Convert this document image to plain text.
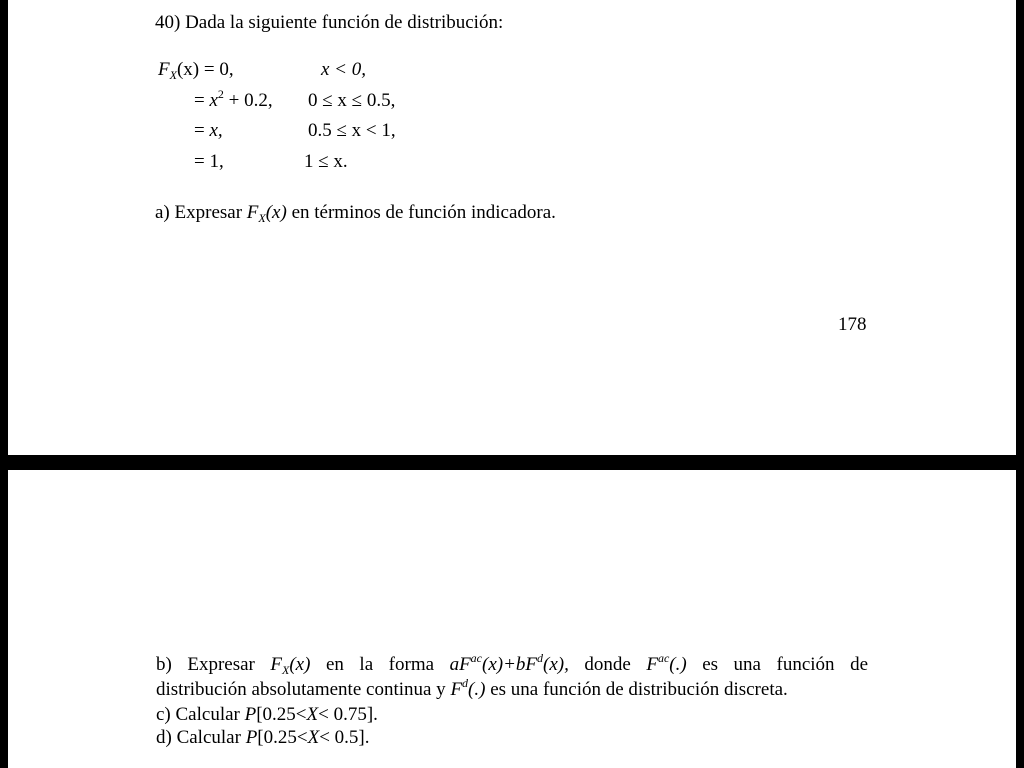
40) Dada la siguiente función de distribución:
$F_X(x) = 0$,	x < 0,
= $x^2 + 0.2$, 0 ≤ x ≤ 0.5,
= x,	0.5 ≤ x < 1,
= 1,	1 ≤ x.
a) Expresar $F_X(x)$ en términos de función indicadora.
178
b) Expresar $F_X(x)$ en la forma $aF^{ac}(x)+bF^d(x)$, donde $F^{ac}(.)$ es una función de
distribución absolutamente continua y $F^d(.)$ es una función de distribución discreta.
c) Calcular P[0.25<X< 0.75].
d) Calcular P[0.25<X< 0.5].
